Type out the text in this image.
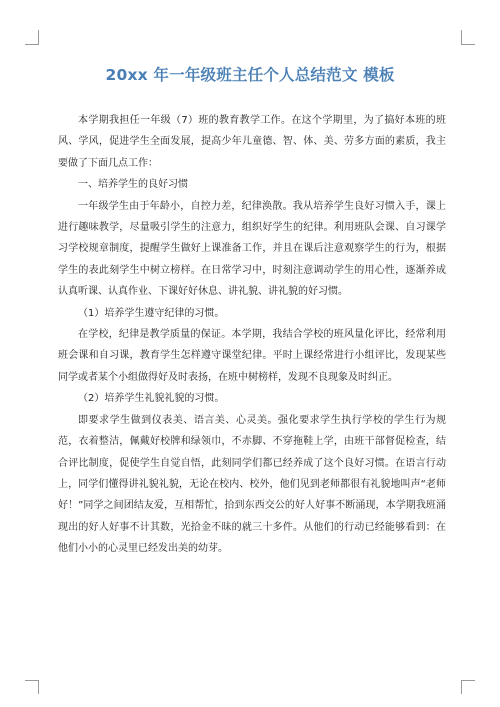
20xx 年一年级班主任个人总结范文 模板

本学期我担任一年级（7）班的教育教学工作。在这个学期里，为了搞好本班的班风、学风，促进学生全面发展，提高少年儿童德、智、体、美、劳多方面的素质，我主要做了下面几点工作：

一、培养学生的良好习惯

一年级学生由于年龄小，自控力差，纪律涣散。我从培养学生良好习惯入手，课上进行趣味教学，尽量吸引学生的注意力，组织好学生的纪律。利用班队会课、自习课学习学校规章制度，提醒学生做好上课准备工作，并且在课后注意观察学生的行为，根据学生的表此刻学生中树立榜样。在日常学习中，时刻注意调动学生的用心性，逐渐养成认真听课、认真作业、下课好好休息、讲礼貌、讲礼貌的好习惯。

（1）培养学生遵守纪律的习惯。

在学校，纪律是教学质量的保证。本学期，我结合学校的班风量化评比，经常利用班会课和自习课，教育学生怎样遵守课堂纪律。平时上课经常进行小组评比，发现某些同学或者某个小组做得好及时表扬，在班中树榜样，发现不良现象及时纠正。

（2）培养学生礼貌礼貌的习惯。

即要求学生做到仪表美、语言美、心灵美。强化要求学生执行学校的学生行为规范，衣着整洁，佩戴好校牌和绿领巾，不赤脚、不穿拖鞋上学，由班干部督促检查，结合评比制度，促使学生自觉自悟，此刻同学们都已经养成了这个良好习惯。在语言行动上，同学们懂得讲礼貌礼貌，无论在校内、校外，他们见到老师都很有礼貌地叫声“老师好！”同学之间团结友爱，互相帮忙，拾到东西交公的好人好事不断涌现，本学期我班涌现出的好人好事不计其数，光拾金不昧的就三十多件。从他们的行动已经能够看到：在他们小小的心灵里已经发出美的幼芽。
